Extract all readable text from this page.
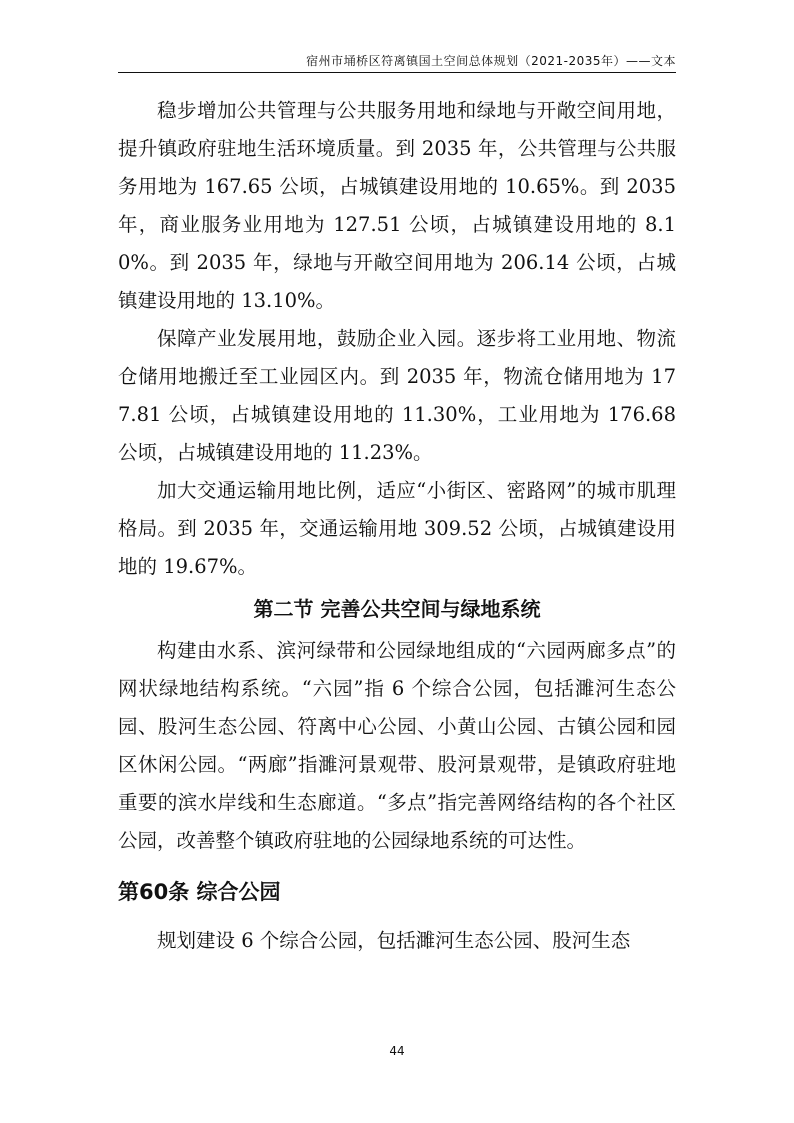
宿州市埇桥区符离镇国土空间总体规划（2021-2035年）——文本

稳步增加公共管理与公共服务用地和绿地与开敞空间用地，提升镇政府驻地生活环境质量。到 2035 年，公共管理与公共服务用地为 167.65 公顷，占城镇建设用地的 10.65%。到 2035 年，商业服务业用地为 127.51 公顷，占城镇建设用地的 8.10%。到 2035 年，绿地与开敞空间用地为 206.14 公顷，占城镇建设用地的 13.10%。

保障产业发展用地，鼓励企业入园。逐步将工业用地、物流仓储用地搬迁至工业园区内。到 2035 年，物流仓储用地为 177.81 公顷，占城镇建设用地的 11.30%，工业用地为 176.68 公顷，占城镇建设用地的 11.23%。

加大交通运输用地比例，适应“小街区、密路网”的城市肌理格局。到 2035 年，交通运输用地 309.52 公顷，占城镇建设用地的 19.67%。

第二节 完善公共空间与绿地系统

构建由水系、滨河绿带和公园绿地组成的“六园两廊多点”的网状绿地结构系统。“六园”指 6 个综合公园，包括濉河生态公园、股河生态公园、符离中心公园、小黄山公园、古镇公园和园区休闲公园。“两廊”指濉河景观带、股河景观带，是镇政府驻地重要的滨水岸线和生态廊道。“多点”指完善网络结构的各个社区公园，改善整个镇政府驻地的公园绿地系统的可达性。

第60条 综合公园

规划建设 6 个综合公园，包括濉河生态公园、股河生态

44
